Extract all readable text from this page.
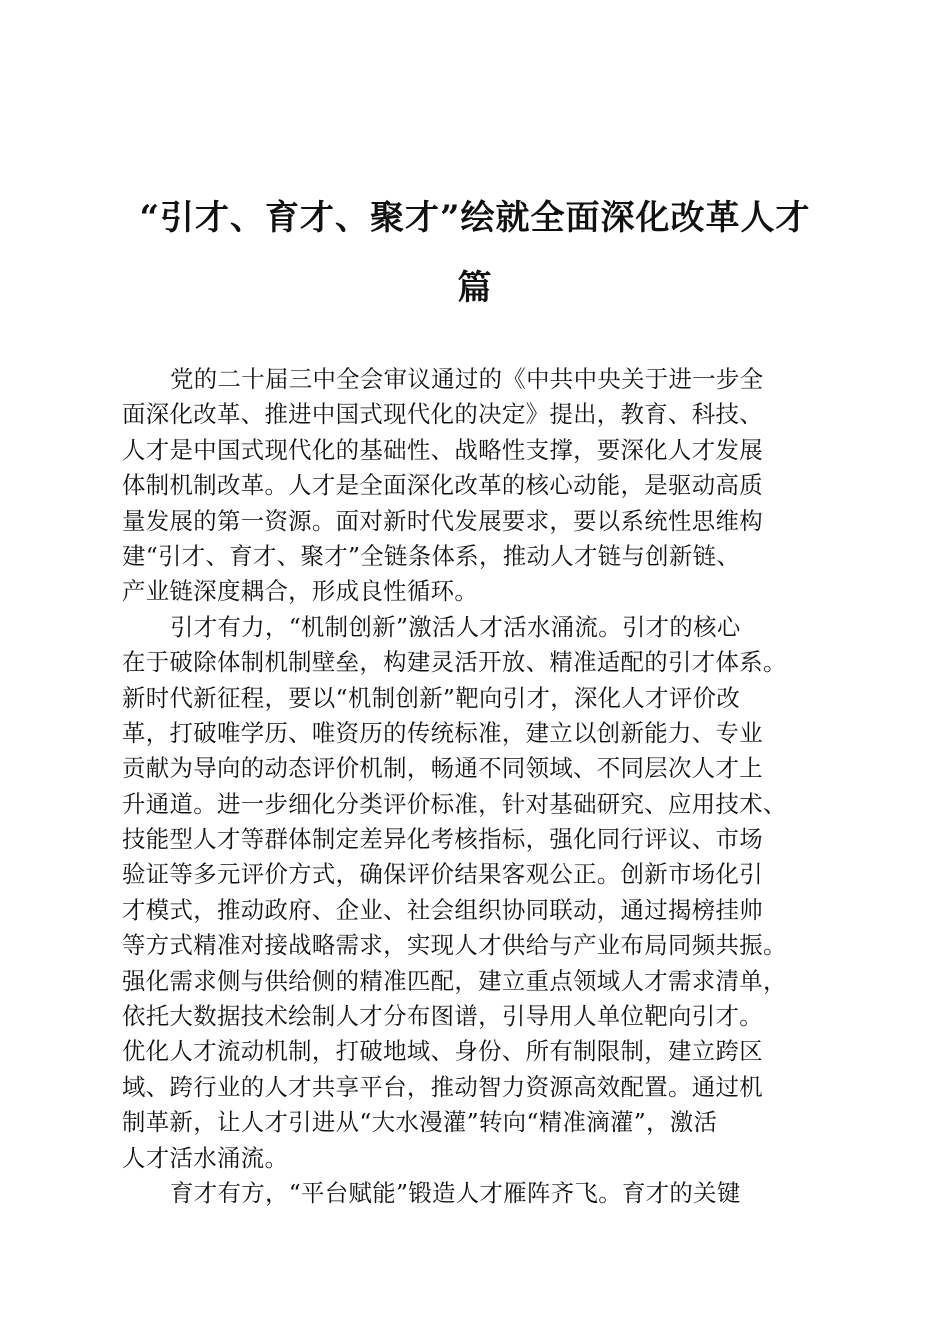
“引才、育才、聚才”绘就全面深化改革人才
篇
党的二十届三中全会审议通过的《中共中央关于进一步全
面深化改革、推进中国式现代化的决定》提出，教育、科技、
人才是中国式现代化的基础性、战略性支撑，要深化人才发展
体制机制改革。人才是全面深化改革的核心动能，是驱动高质
量发展的第一资源。面对新时代发展要求，要以系统性思维构
建“引才、育才、聚才”全链条体系，推动人才链与创新链、
产业链深度耦合，形成良性循环。
引才有力，“机制创新”激活人才活水涌流。引才的核心
在于破除体制机制壁垒，构建灵活开放、精准适配的引才体系。
新时代新征程，要以“机制创新”靶向引才，深化人才评价改
革，打破唯学历、唯资历的传统标准，建立以创新能力、专业
贡献为导向的动态评价机制，畅通不同领域、不同层次人才上
升通道。进一步细化分类评价标准，针对基础研究、应用技术、
技能型人才等群体制定差异化考核指标，强化同行评议、市场
验证等多元评价方式，确保评价结果客观公正。创新市场化引
才模式，推动政府、企业、社会组织协同联动，通过揭榜挂帅
等方式精准对接战略需求，实现人才供给与产业布局同频共振。
强化需求侧与供给侧的精准匹配，建立重点领域人才需求清单，
依托大数据技术绘制人才分布图谱，引导用人单位靶向引才。
优化人才流动机制，打破地域、身份、所有制限制，建立跨区
域、跨行业的人才共享平台，推动智力资源高效配置。通过机
制革新，让人才引进从“大水漫灌”转向“精准滴灌”，激活
人才活水涌流。
育才有方，“平台赋能”锻造人才雁阵齐飞。育才的关键
